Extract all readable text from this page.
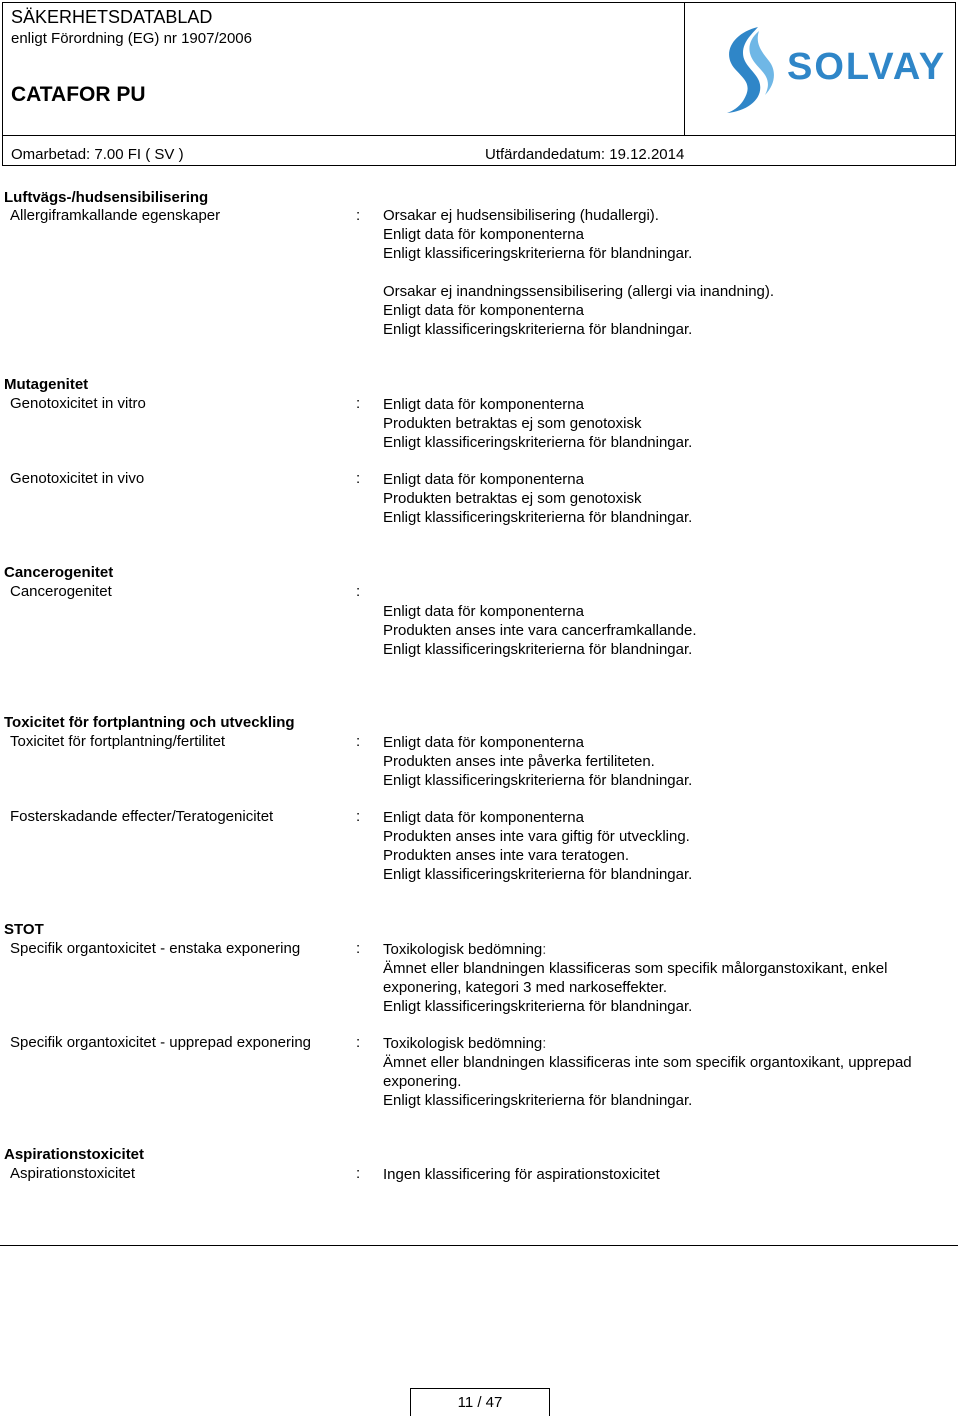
SÄKERHETSDATABLAD
enligt Förordning (EG) nr 1907/2006
CATAFOR PU
SOLVAY
Omarbetad: 7.00 FI ( SV )	Utfärdandedatum: 19.12.2014
Luftvägs-/hudsensibilisering
Allergiframkallande egenskaper	: Orsakar ej hudsensibilisering (hudallergi).
Enligt data för komponenterna
Enligt klassificeringskriterierna för blandningar.
Orsakar ej inandningssensibilisering (allergi via inandning).
Enligt data för komponenterna
Enligt klassificeringskriterierna för blandningar.
Mutagenitet
Genotoxicitet in vitro	: Enligt data för komponenterna
Produkten betraktas ej som genotoxisk
Enligt klassificeringskriterierna för blandningar.
Genotoxicitet in vivo	: Enligt data för komponenterna
Produkten betraktas ej som genotoxisk
Enligt klassificeringskriterierna för blandningar.
Cancerogenitet
Cancerogenitet	:
Enligt data för komponenterna
Produkten anses inte vara cancerframkallande.
Enligt klassificeringskriterierna för blandningar.
Toxicitet för fortplantning och utveckling
Toxicitet för fortplantning/fertilitet	: Enligt data för komponenterna
Produkten anses inte påverka fertiliteten.
Enligt klassificeringskriterierna för blandningar.
Fosterskadande effecter/Teratogenicitet	: Enligt data för komponenterna
Produkten anses inte vara giftig för utveckling.
Produkten anses inte vara teratogen.
Enligt klassificeringskriterierna för blandningar.
STOT
Specifik organtoxicitet - enstaka exponering	: Toxikologisk bedömning:
Ämnet eller blandningen klassificeras som specifik målorganstoxikant, enkel exponering, kategori 3 med narkoseffekter.
Enligt klassificeringskriterierna för blandningar.
Specifik organtoxicitet - upprepad exponering	: Toxikologisk bedömning:
Ämnet eller blandningen klassificeras inte som specifik organtoxikant, upprepad exponering.
Enligt klassificeringskriterierna för blandningar.
Aspirationstoxicitet
Aspirationstoxicitet	: Ingen klassificering för aspirationstoxicitet
11 / 47
